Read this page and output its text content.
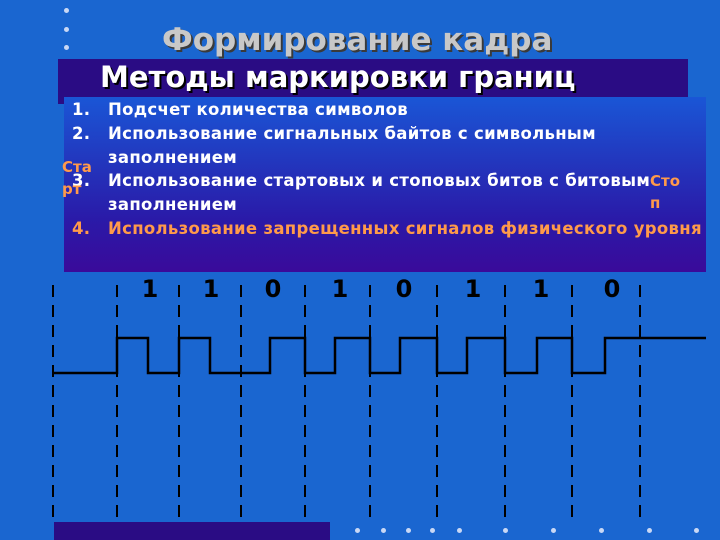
Формирование кадра
Методы маркировки границ
1.	Подсчет количества символов
2.	Использование сигнальных байтов с символьным заполнением
3.	Использование стартовых и стоповых битов с битовым заполнением
4.	Использование запрещенных сигналов физического уровня
Ста рт	Сто п
1	1	0	1	0	1	1	0
